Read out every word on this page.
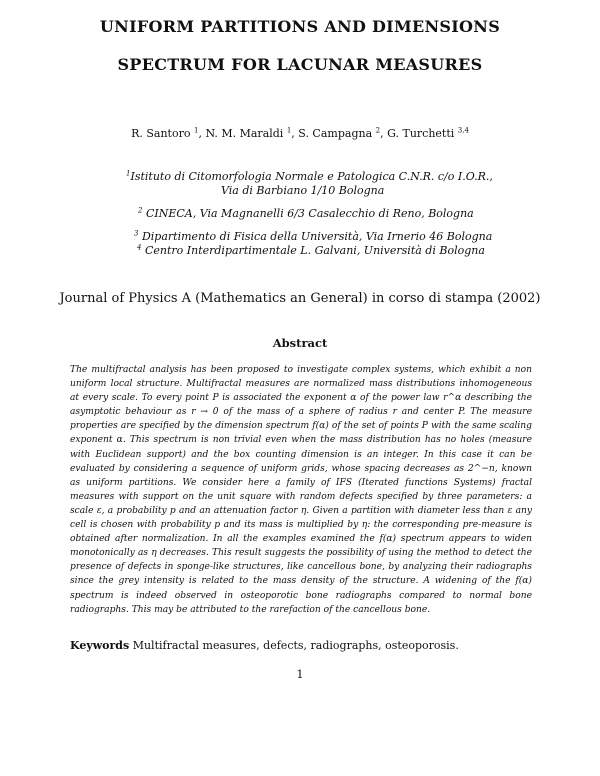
UNIFORM PARTITIONS AND DIMENSIONS
SPECTRUM FOR LACUNAR MEASURES
R. Santoro $^1$, N. M. Maraldi $^1$, S. Campagna $^2$, G. Turchetti $^{3,4}$
$^1$Istituto di Citomorfologia Normale e Patologica C.N.R. c/o I.O.R.,
Via di Barbiano 1/10 Bologna
$^2$ CINECA, Via Magnanelli 6/3 Casalecchio di Reno, Bologna
$^3$ Dipartimento di Fisica della Università, Via Irnerio 46 Bologna
$^4$ Centro Interdipartimentale L. Galvani, Università di Bologna
Journal of Physics A (Mathematics an General) in corso di stampa (2002)
Abstract
The multifractal analysis has been proposed to investigate complex systems, which exhibit a non uniform local structure. Multifractal measures are normalized mass distributions inhomogeneous at every scale. To every point P is associated the exponent α of the power law r^α describing the asymptotic behaviour as r → 0 of the mass of a sphere of radius r and center P. The measure properties are specified by the dimension spectrum f(α) of the set of points P with the same scaling exponent α. This spectrum is non trivial even when the mass distribution has no holes (measure with Euclidean support) and the box counting dimension is an integer. In this case it can be evaluated by considering a sequence of uniform grids, whose spacing decreases as 2^−n, known as uniform partitions. We consider here a family of IFS (Iterated functions Systems) fractal measures with support on the unit square with random defects specified by three parameters: a scale ε, a probability p and an attenuation factor η. Given a partition with diameter less than ε any cell is chosen with probability p and its mass is multiplied by η: the corresponding pre-measure is obtained after normalization. In all the examples examined the f(α) spectrum appears to widen monotonically as η decreases. This result suggests the possibility of using the method to detect the presence of defects in sponge-like structures, like cancellous bone, by analyzing their radiographs since the grey intensity is related to the mass density of the structure. A widening of the f(α) spectrum is indeed observed in osteoporotic bone radiographs compared to normal bone radiographs. This may be attributed to the rarefaction of the cancellous bone.
Keywords Multifractal measures, defects, radiographs, osteoporosis.
1
